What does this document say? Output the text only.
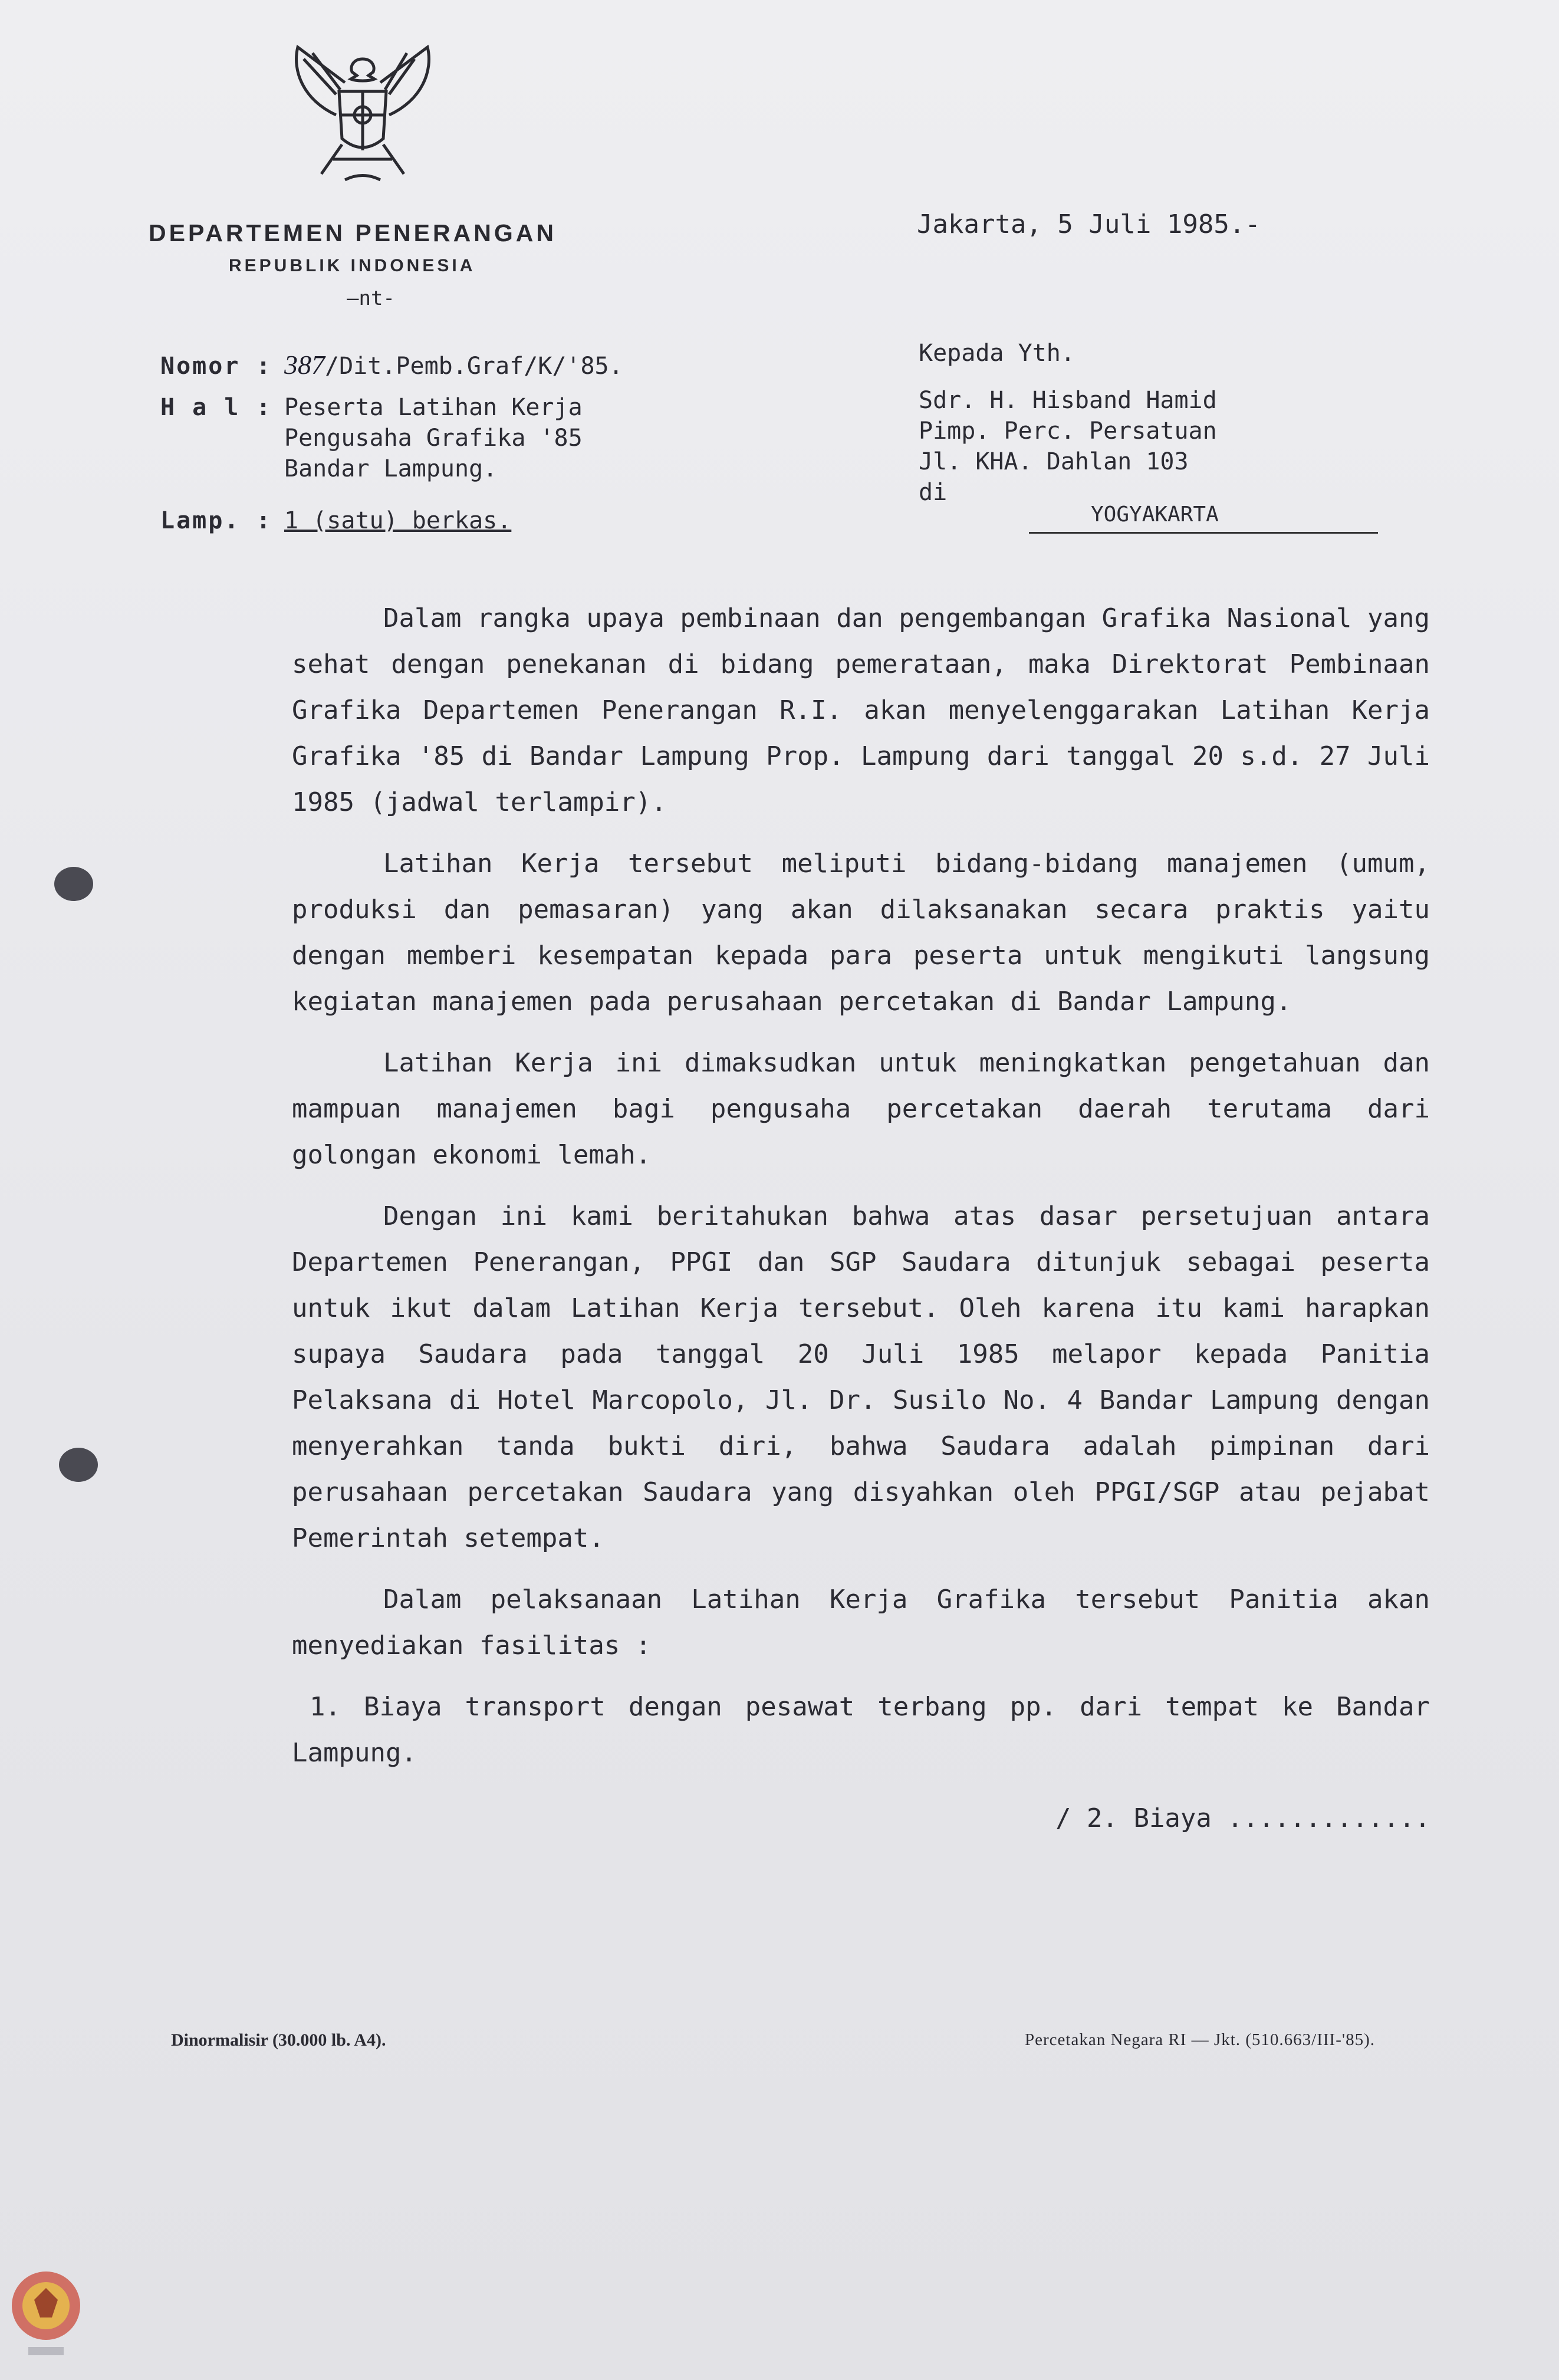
DEPARTEMEN PENERANGAN
REPUBLIK INDONESIA
—nt-
Jakarta, 5 Juli 1985.-
Nomor : 387/Dit.Pemb.Graf/K/'85.
H a l : Peserta Latihan Kerja
Pengusaha Grafika '85
Bandar Lampung.
Lamp. : 1 (satu) berkas.
Kepada Yth.
Sdr. H. Hisband Hamid
Pimp. Perc. Persatuan
Jl. KHA. Dahlan 103
di
YOGYAKARTA

Dalam rangka upaya pembinaan dan pengembangan Grafika Nasional yang sehat dengan penekanan di bidang pemerataan, maka Direktorat Pembinaan Grafika Departemen Penerangan R.I. akan menyelenggarakan Latihan Kerja Grafika '85 di Bandar Lampung Prop. Lampung dari tanggal 20 s.d. 27 Juli 1985 (jadwal terlampir).

Latihan Kerja tersebut meliputi bidang-bidang manajemen (umum, produksi dan pemasaran) yang akan dilaksanakan secara praktis yaitu dengan memberi kesempatan kepada para peserta untuk mengikuti langsung kegiatan manajemen pada perusahaan percetakan di Bandar Lampung.

Latihan Kerja ini dimaksudkan untuk meningkatkan pengetahuan dan mampuan manajemen bagi pengusaha percetakan daerah terutama dari golongan ekonomi lemah.

Dengan ini kami beritahukan bahwa atas dasar persetujuan antara Departemen Penerangan, PPGI dan SGP Saudara ditunjuk sebagai peserta untuk ikut dalam Latihan Kerja tersebut. Oleh karena itu kami harapkan supaya Saudara pada tanggal 20 Juli 1985 melapor kepada Panitia Pelaksana di Hotel Marcopolo, Jl. Dr. Susilo No. 4 Bandar Lampung dengan menyerahkan tanda bukti diri, bahwa Saudara adalah pimpinan dari perusahaan percetakan Saudara yang disyahkan oleh PPGI/SGP atau pejabat Pemerintah setempat.

Dalam pelaksanaan Latihan Kerja Grafika tersebut Panitia akan menyediakan fasilitas :

1. Biaya transport dengan pesawat terbang pp. dari tempat ke Bandar Lampung.

/ 2. Biaya .............
Dinormalisir (30.000 lb. A4).	Percetakan Negara RI — Jkt. (510.663/III-'85).
